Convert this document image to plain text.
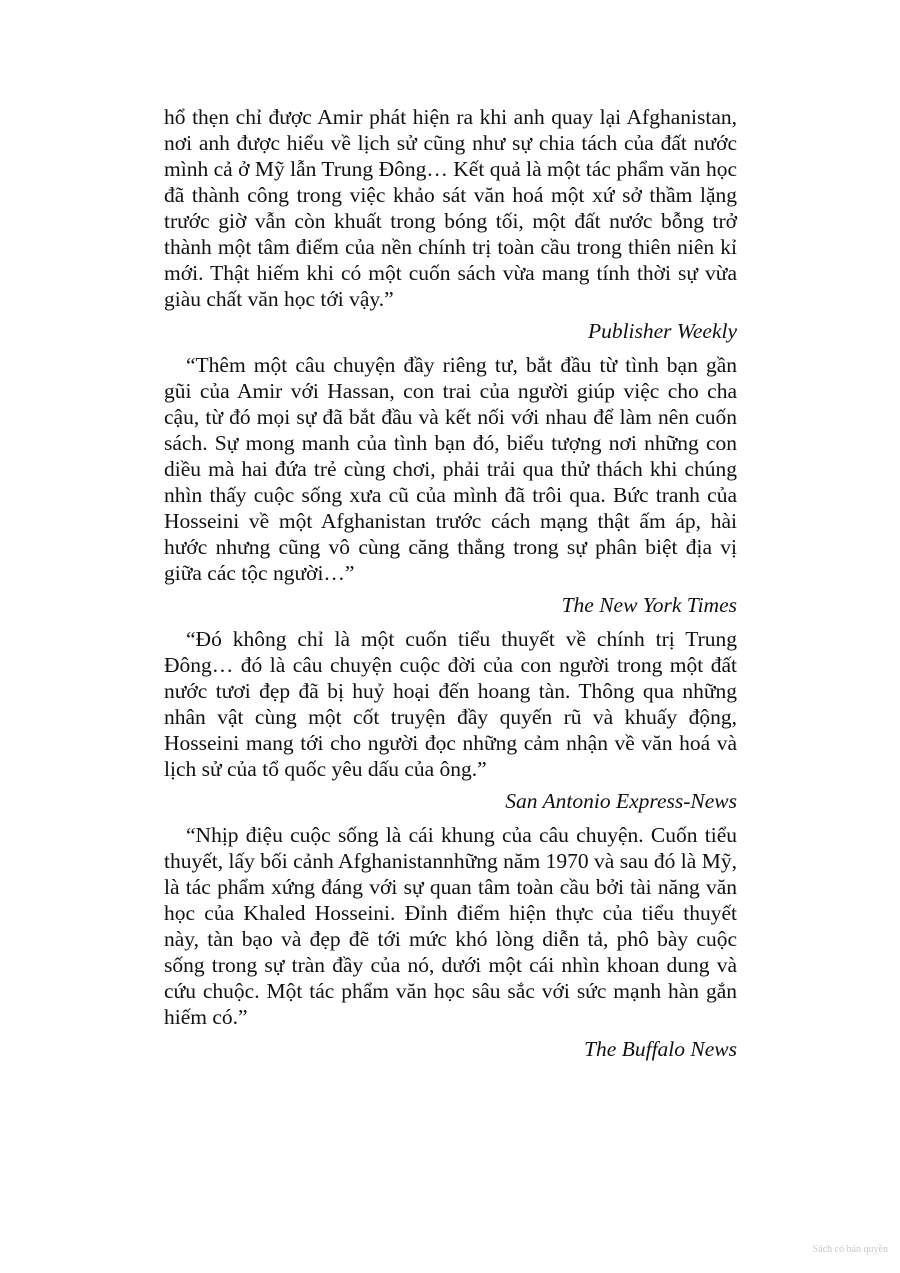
hổ thẹn chỉ được Amir phát hiện ra khi anh quay lại Afghanistan, nơi anh được hiểu về lịch sử cũng như sự chia tách của đất nước mình cả ở Mỹ lẫn Trung Đông… Kết quả là một tác phẩm văn học đã thành công trong việc khảo sát văn hoá một xứ sở thầm lặng trước giờ vẫn còn khuất trong bóng tối, một đất nước bỗng trở thành một tâm điểm của nền chính trị toàn cầu trong thiên niên kỉ mới. Thật hiếm khi có một cuốn sách vừa mang tính thời sự vừa giàu chất văn học tới vậy.”

Publisher Weekly

“Thêm một câu chuyện đầy riêng tư, bắt đầu từ tình bạn gần gũi của Amir với Hassan, con trai của người giúp việc cho cha cậu, từ đó mọi sự đã bắt đầu và kết nối với nhau để làm nên cuốn sách. Sự mong manh của tình bạn đó, biểu tượng nơi những con diều mà hai đứa trẻ cùng chơi, phải trải qua thử thách khi chúng nhìn thấy cuộc sống xưa cũ của mình đã trôi qua. Bức tranh của Hosseini về một Afghanistan trước cách mạng thật ấm áp, hài hước nhưng cũng vô cùng căng thẳng trong sự phân biệt địa vị giữa các tộc người…”

The New York Times

“Đó không chỉ là một cuốn tiểu thuyết về chính trị Trung Đông… đó là câu chuyện cuộc đời của con người trong một đất nước tươi đẹp đã bị huỷ hoại đến hoang tàn. Thông qua những nhân vật cùng một cốt truyện đầy quyến rũ và khuấy động, Hosseini mang tới cho người đọc những cảm nhận về văn hoá và lịch sử của tổ quốc yêu dấu của ông.”

San Antonio Express-News

“Nhịp điệu cuộc sống là cái khung của câu chuyện. Cuốn tiểu thuyết, lấy bối cảnh Afghanistannhững năm 1970 và sau đó là Mỹ, là tác phẩm xứng đáng với sự quan tâm toàn cầu bởi tài năng văn học của Khaled Hosseini. Đỉnh điểm hiện thực của tiểu thuyết này, tàn bạo và đẹp đẽ tới mức khó lòng diễn tả, phô bày cuộc sống trong sự tràn đầy của nó, dưới một cái nhìn khoan dung và cứu chuộc. Một tác phẩm văn học sâu sắc với sức mạnh hàn gắn hiếm có.”

The Buffalo News

Sách có bản quyền
